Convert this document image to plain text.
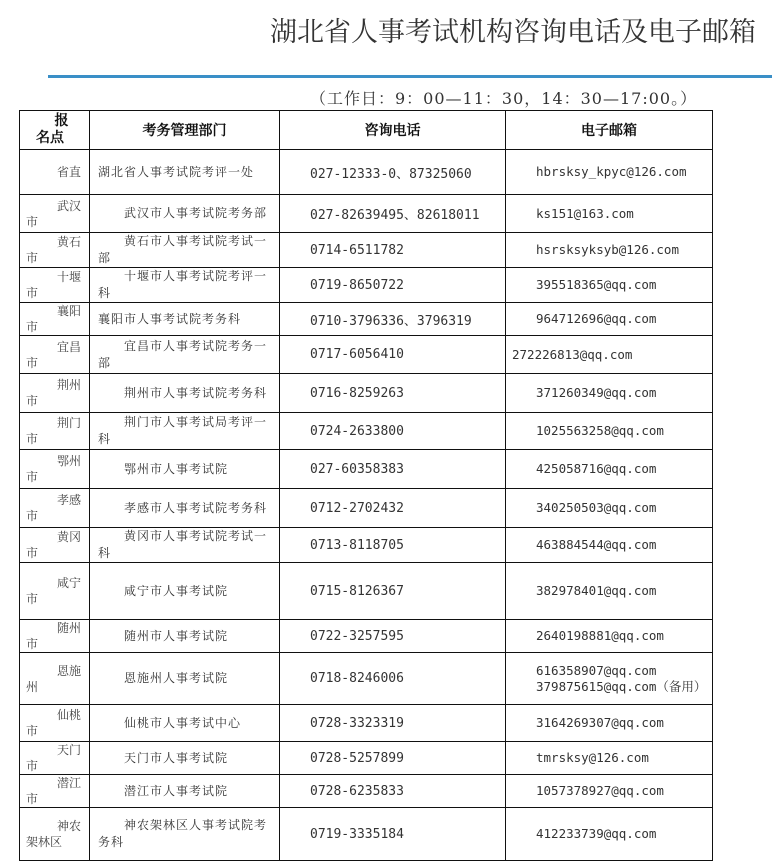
湖北省人事考试机构咨询电话及电子邮箱
（工作日：9：00—11：30，14：30—17:00。）
报
名点	考务管理部门	咨询电话	电子邮箱
省直	湖北省人事考试院考评一处	027-12333-0、87325060	hbrsksy_kpyc@126.com

武汉
市	武汉市人事考试院考务部	027-82639495、82618011	ks151@163.com

黄石
市	黄石市人事考试院考试一部	0714-6511782	hsrsksyksyb@126.com

十堰
市	十堰市人事考试院考评一科	0719-8650722	395518365@qq.com

襄阳
市	襄阳市人事考试院考务科	0710-3796336、3796319	964712696@qq.com

宜昌
市	宜昌市人事考试院考务一部	0717-6056410	272226813@qq.com

荆州
市	荆州市人事考试院考务科	0716-8259263	371260349@qq.com

荆门
市	荆门市人事考试局考评一科	0724-2633800	1025563258@qq.com

鄂州
市	鄂州市人事考试院	027-60358383	425058716@qq.com

孝感
市	孝感市人事考试院考务科	0712-2702432	340250503@qq.com

黄冈
市	黄冈市人事考试院考试一科	0713-8118705	463884544@qq.com

咸宁
市	咸宁市人事考试院	0715-8126367	382978401@qq.com

随州
市	随州市人事考试院	0722-3257595	2640198881@qq.com

恩施
州	恩施州人事考试院	0718-8246006	616358907@qq.com
379875615@qq.com（备用）

仙桃
市	仙桃市人事考试中心	0728-3323319	3164269307@qq.com

天门
市	天门市人事考试院	0728-5257899	tmrsksy@126.com

潜江
市	潜江市人事考试院	0728-6235833	1057378927@qq.com

神农
架林区	神农架林区人事考试院考务科	0719-3335184	412233739@qq.com
